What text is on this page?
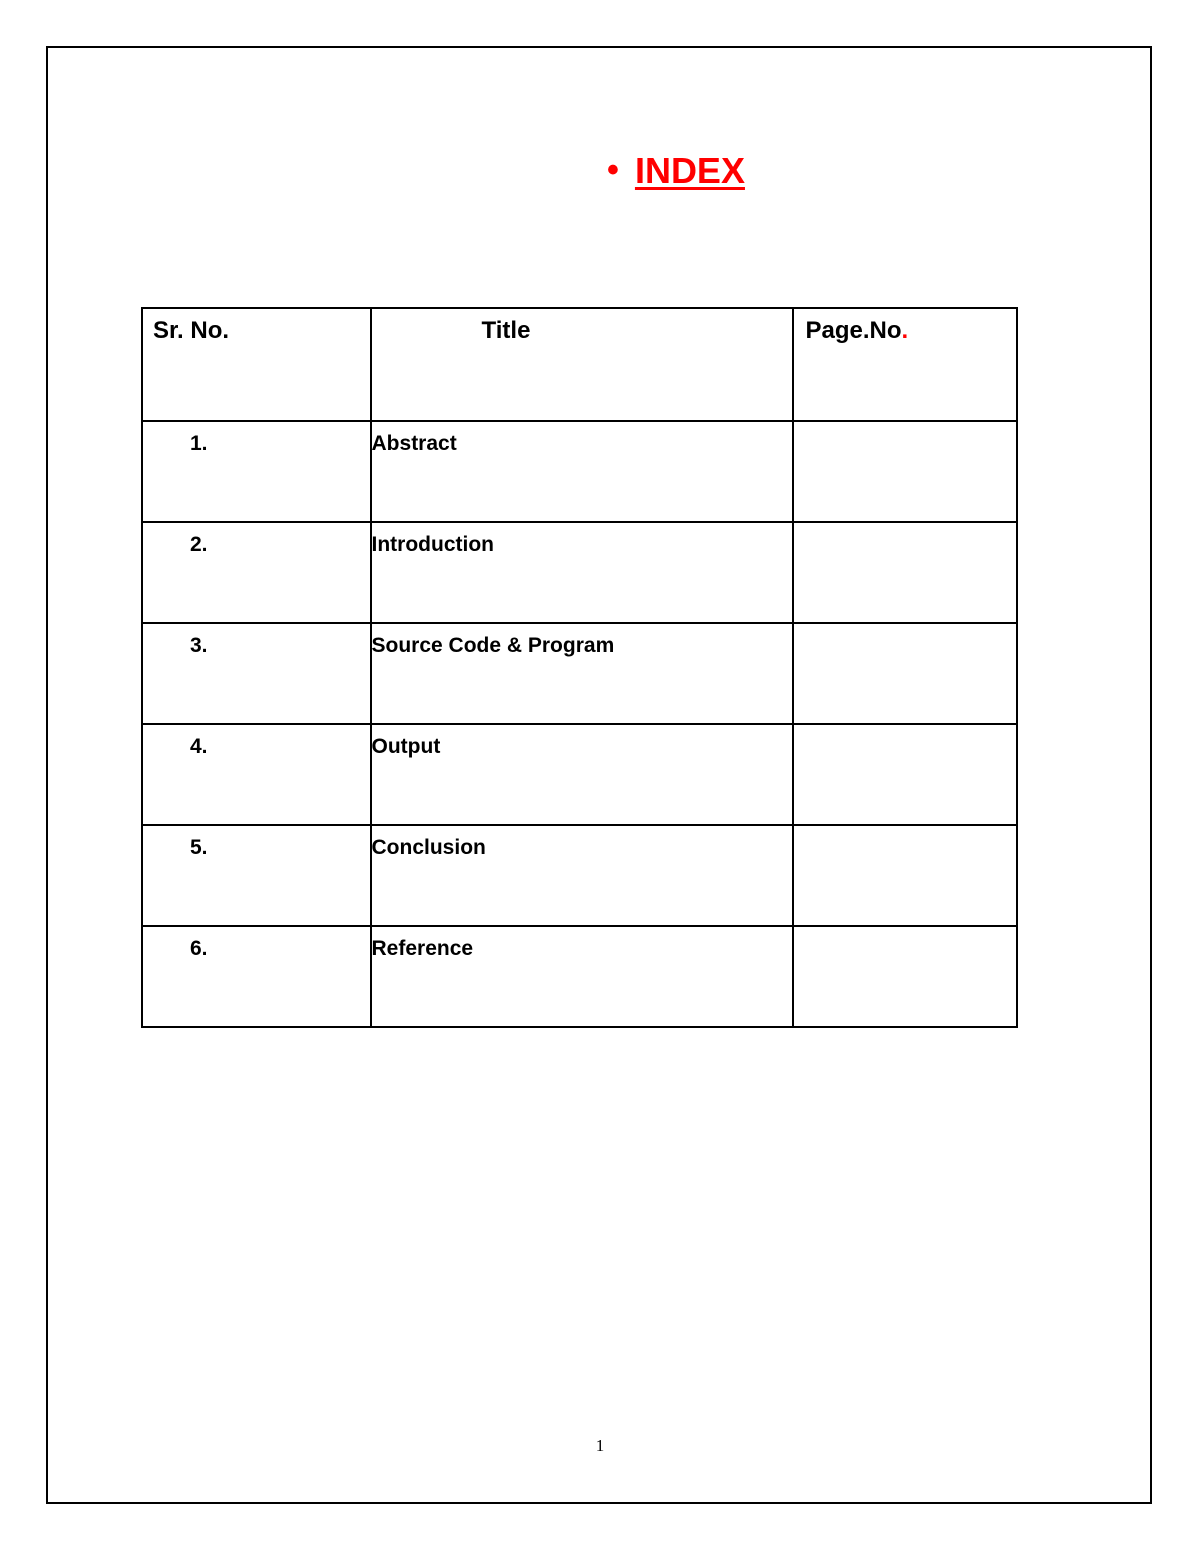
• INDEX
Sr. No.	Title	Page.No.
1.	Abstract	
2.	Introduction	
3.	Source Code & Program	
4.	Output	
5.	Conclusion	
6.	Reference	
1
